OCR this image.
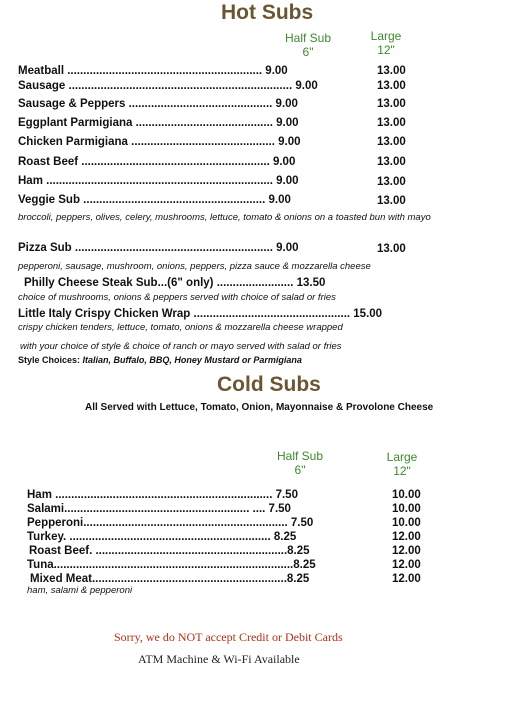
Hot Subs
Half Sub
6"
Large
12"
Meatball ............................................................. 9.00	13.00
Sausage ...................................................................... 9.00	13.00
Sausage & Peppers ............................................. 9.00	13.00
Eggplant Parmigiana ........................................... 9.00	13.00
Chicken Parmigiana ............................................. 9.00	13.00
Roast Beef ........................................................... 9.00	13.00
Ham ....................................................................... 9.00	13.00
Veggie Sub ......................................................... 9.00	13.00
broccoli, peppers, olives, celery, mushrooms, lettuce, tomato & onions on a toasted bun with mayo
Pizza Sub .............................................................. 9.00	13.00
pepperoni, sausage, mushroom, onions, peppers, pizza sauce & mozzarella cheese
Philly Cheese Steak Sub...(6" only) ........................ 13.50
choice of mushrooms, onions & peppers served with choice of salad or fries
Little Italy Crispy Chicken Wrap ................................................. 15.00
crispy chicken tenders, lettuce, tomato, onions & mozzarella cheese wrapped
with your choice of style & choice of ranch or mayo served with salad or fries
Style Choices: Italian, Buffalo, BBQ, Honey Mustard or Parmigiana
Cold Subs
All Served with Lettuce, Tomato, Onion, Mayonnaise & Provolone Cheese
Half Sub
6"
Large
12"
Ham .................................................................... 7.50	10.00
Salami.......................................................... .... 7.50	10.00
Pepperoni................................................................ 7.50	10.00
Turkey. ............................................................... 8.25	12.00
Roast Beef. ............................................................8.25	12.00
Tuna...........................................................................8.25	12.00
Mixed Meat.............................................................8.25	12.00
ham, salami & pepperoni
Sorry, we do NOT accept Credit or Debit Cards
ATM Machine & Wi-Fi Available
